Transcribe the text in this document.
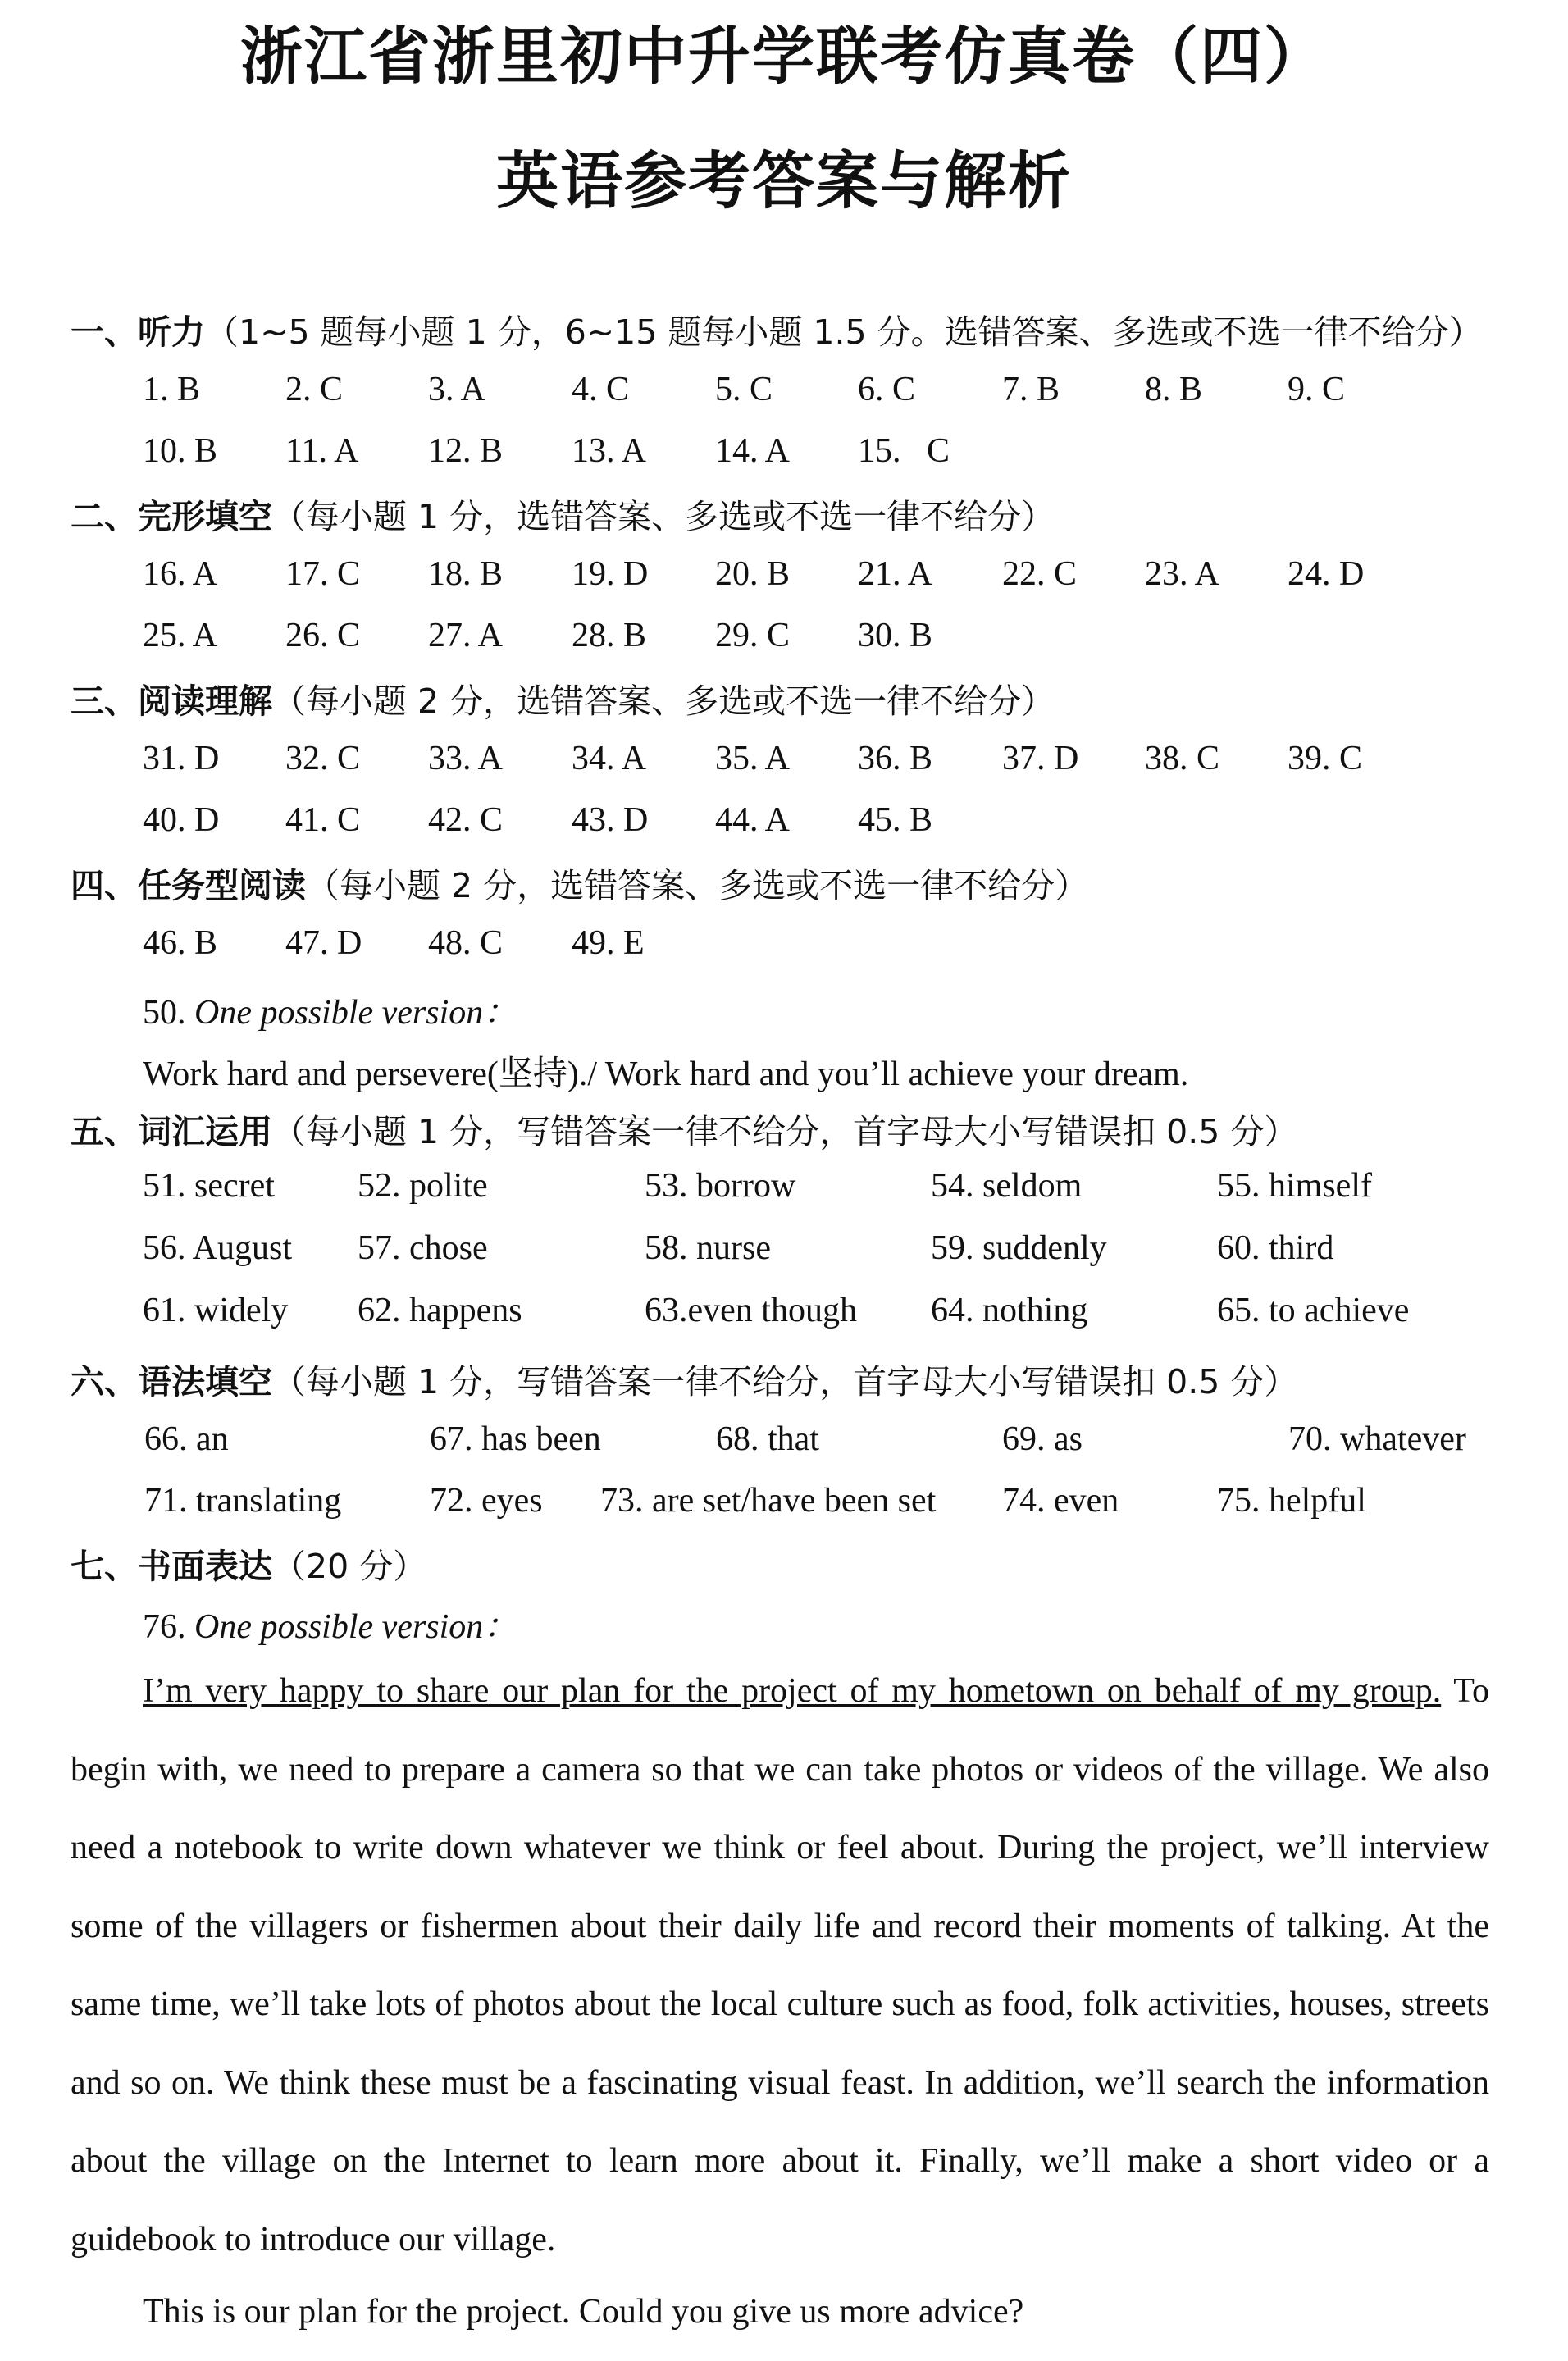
浙江省浙里初中升学联考仿真卷（四）
英语参考答案与解析
一、听力（1~5 题每小题 1 分，6~15 题每小题 1.5 分。选错答案、多选或不选一律不给分）
1. B 2. C 3. A 4. C 5. C 6. C	7. B 8. B 9. C
10. B 11. A 12. B 13. A 14. A 15.   C
二、完形填空（每小题 1 分，选错答案、多选或不选一律不给分）
16. A 17. C 18. B 19. D 20. B 21. A 22. C 23. A 24. D
25. A 26. C 27. A 28. B 29. C 30. B
三、阅读理解（每小题 2 分，选错答案、多选或不选一律不给分）
31. D 32. C 33. A 34. A 35. A 36. B 37. D 38. C 39. C
40. D 41. C 42. C 43. D 44. A 45. B
四、任务型阅读（每小题 2 分，选错答案、多选或不选一律不给分）
46. B 47. D 48. C 49. E
50. One possible version：
Work hard and persevere(坚持)./ Work hard and you’ll achieve your dream.
五、词汇运用（每小题 1 分，写错答案一律不给分，首字母大小写错误扣 0.5 分）
51. secret 52. polite	53. borrow	54. seldom	55. himself
56. August 57. chose	58. nurse	59. suddenly	60. third
61. widely 62. happens	63.even though 64. nothing	65. to achieve
六、语法填空（每小题 1 分，写错答案一律不给分，首字母大小写错误扣 0.5 分）
66. an	67. has been	68. that	69. as	70. whatever
71. translating	72. eyes 73. are set/have been set 74. even	75. helpful
七、书面表达（20 分）
76. One possible version：

I’m very happy to share our plan for the project of my hometown on behalf of my group. To begin with, we need to prepare a camera so that we can take photos or videos of the village. We also need a notebook to write down whatever we think or feel about. During the project, we’ll interview some of the villagers or fishermen about their daily life and record their moments of talking. At the same time, we’ll take lots of photos about the local culture such as food, folk activities, houses, streets and so on. We think these must be a fascinating visual feast. In addition, we’ll search the information about the village on the Internet to learn more about it. Finally, we’ll make a short video or a guidebook to introduce our village.

This is our plan for the project. Could you give us more advice?
